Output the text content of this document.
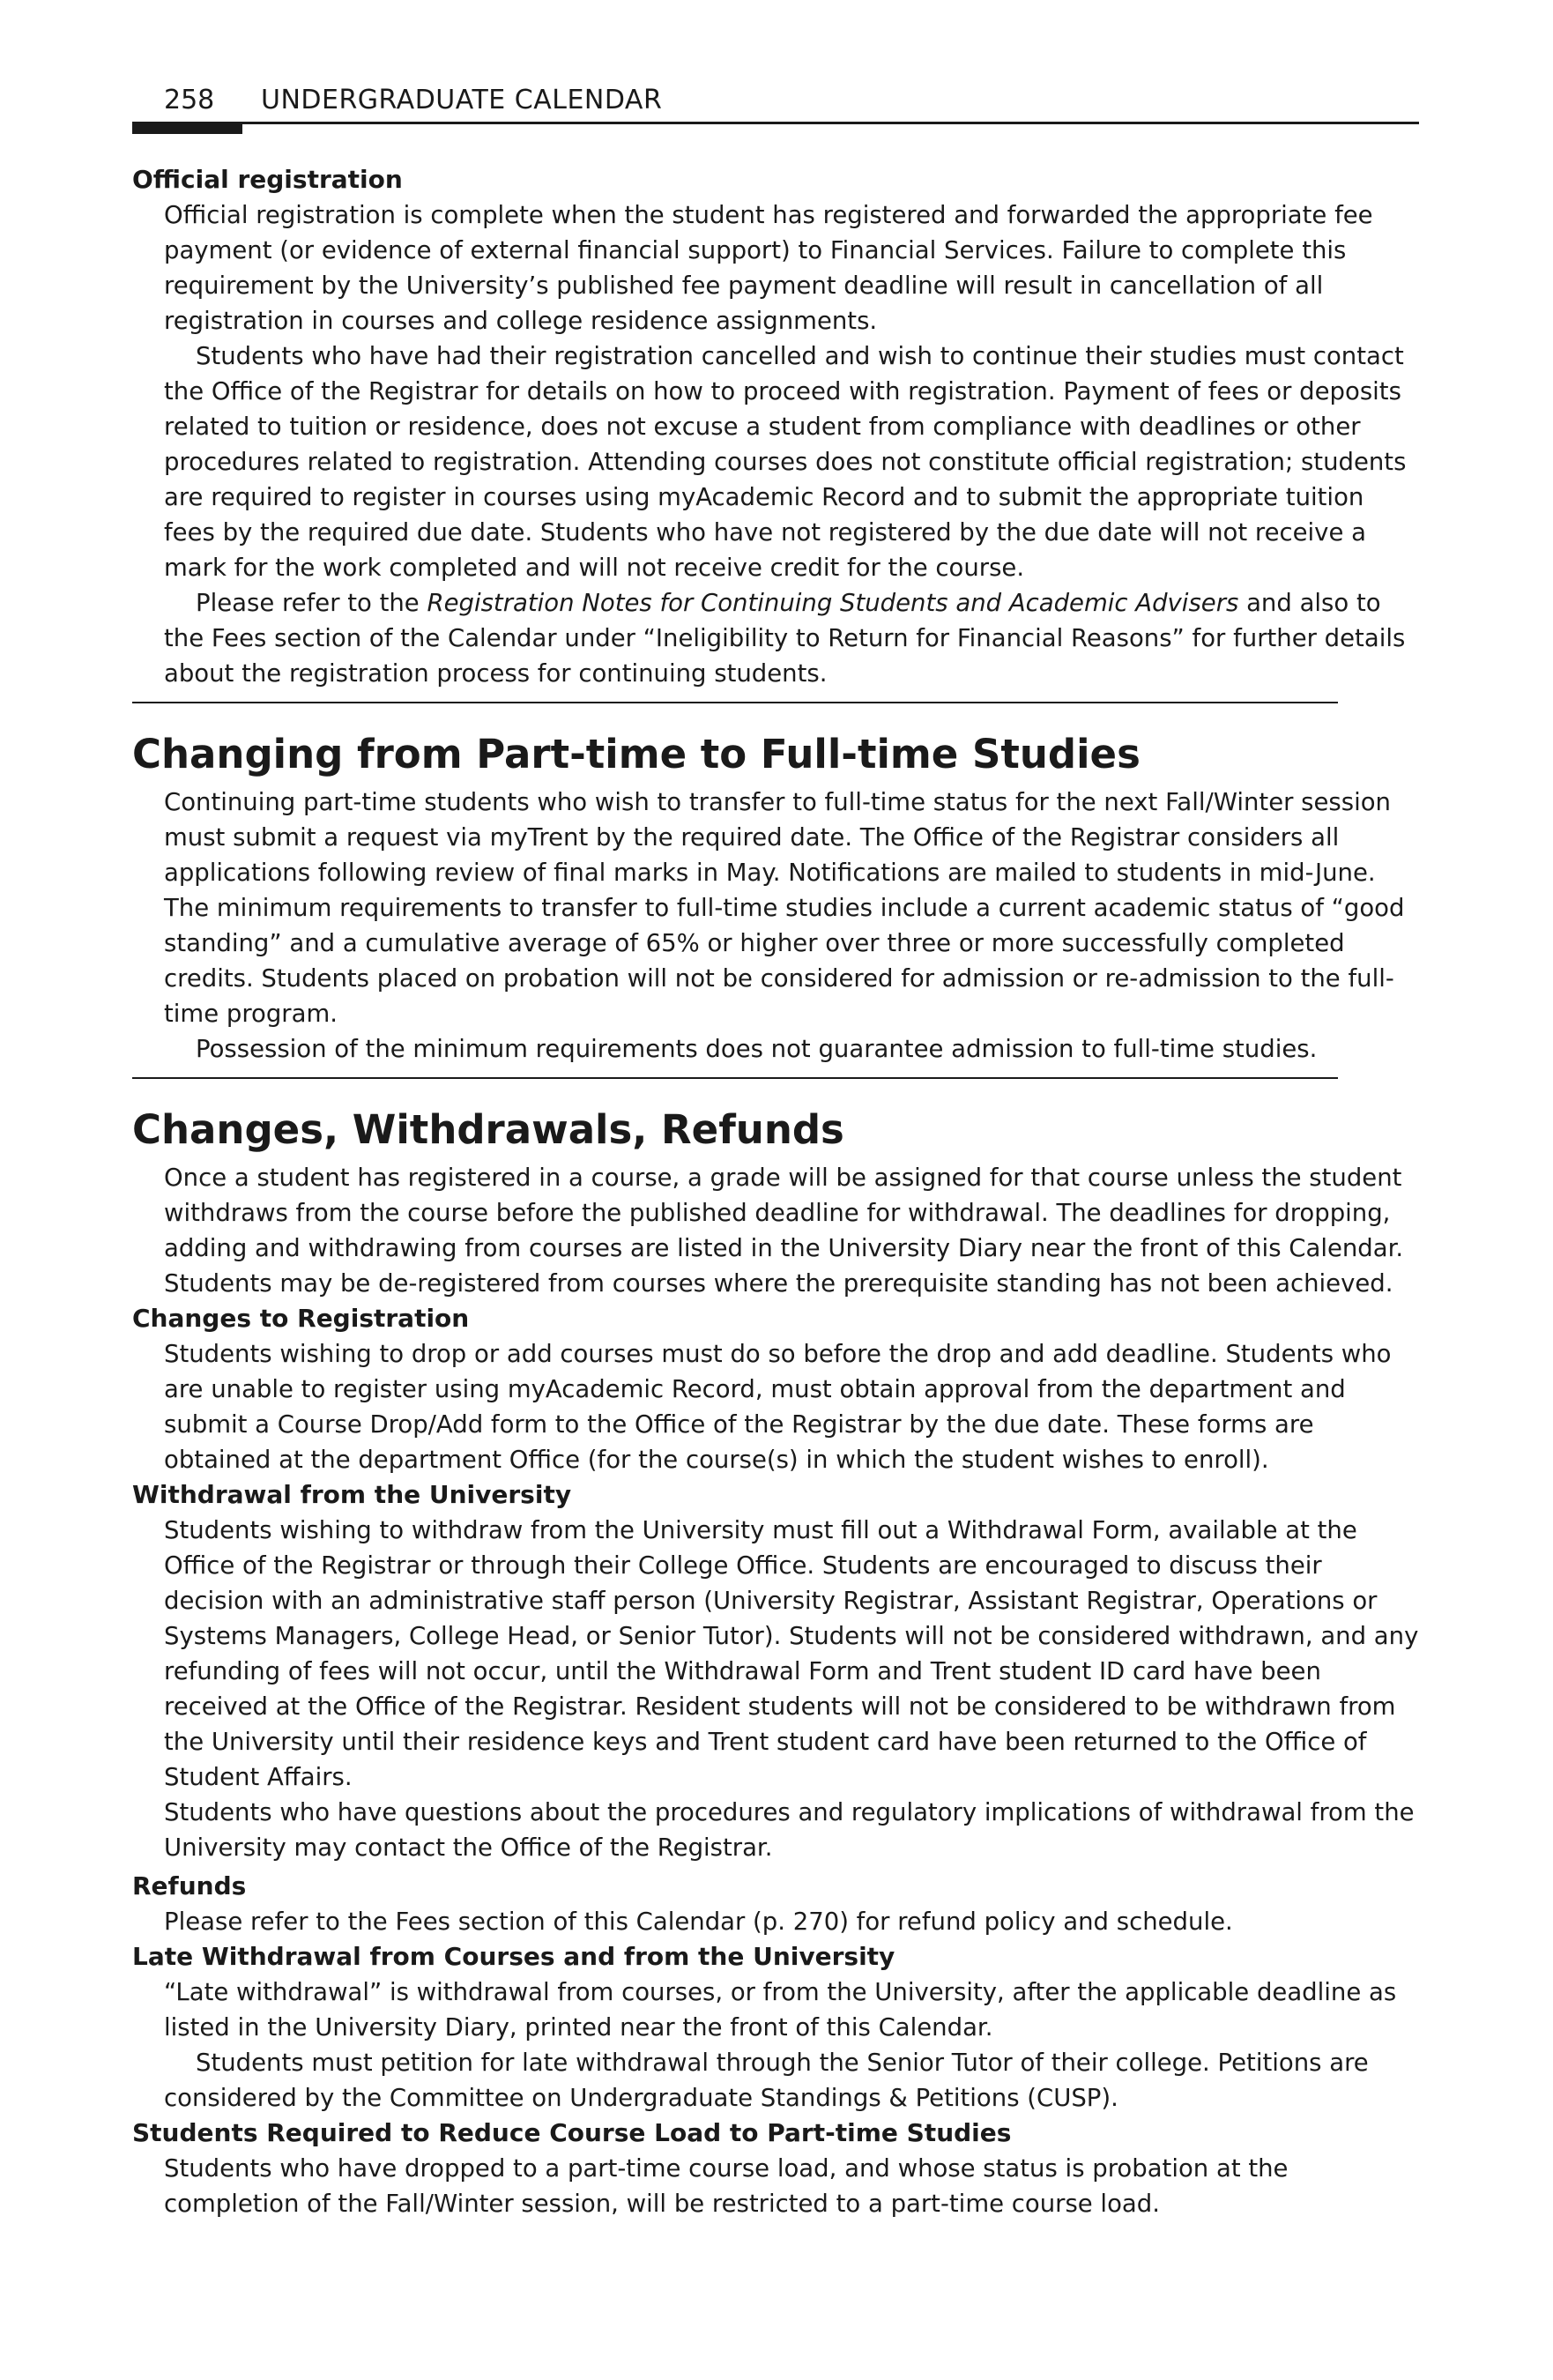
258 UNDERGRADUATE CALENDAR

Official registration

Official registration is complete when the student has registered and forwarded the appropriate fee payment (or evidence of external financial support) to Financial Services. Failure to complete this requirement by the University’s published fee payment deadline will result in cancellation of all registration in courses and college residence assignments.

Students who have had their registration cancelled and wish to continue their studies must contact the Office of the Registrar for details on how to proceed with registration. Payment of fees or deposits related to tuition or residence, does not excuse a student from compliance with deadlines or other procedures related to registration. Attending courses does not constitute official registration; students are required to register in courses using myAcademic Record and to submit the appropriate tuition fees by the required due date. Students who have not registered by the due date will not receive a mark for the work completed and will not receive credit for the course.

Please refer to the Registration Notes for Continuing Students and Academic Advisers and also to the Fees section of the Calendar under “Ineligibility to Return for Financial Reasons” for further details about the registration process for continuing students.

Changing from Part-time to Full-time Studies

Continuing part-time students who wish to transfer to full-time status for the next Fall/Winter session must submit a request via myTrent by the required date. The Office of the Registrar considers all applications following review of final marks in May. Notifications are mailed to students in mid-June. The minimum requirements to transfer to full-time studies include a current academic status of “good standing” and a cumulative average of 65% or higher over three or more successfully completed credits. Students placed on probation will not be considered for admission or re-admission to the full-time program.

Possession of the minimum requirements does not guarantee admission to full-time studies.

Changes, Withdrawals, Refunds

Once a student has registered in a course, a grade will be assigned for that course unless the student withdraws from the course before the published deadline for withdrawal. The deadlines for dropping, adding and withdrawing from courses are listed in the University Diary near the front of this Calendar. Students may be de-registered from courses where the prerequisite standing has not been achieved.

Changes to Registration

Students wishing to drop or add courses must do so before the drop and add deadline. Students who are unable to register using myAcademic Record, must obtain approval from the department and submit a Course Drop/Add form to the Office of the Registrar by the due date. These forms are obtained at the department Office (for the course(s) in which the student wishes to enroll).

Withdrawal from the University

Students wishing to withdraw from the University must fill out a Withdrawal Form, available at the Office of the Registrar or through their College Office. Students are encouraged to discuss their decision with an administrative staff person (University Registrar, Assistant Registrar, Operations or Systems Managers, College Head, or Senior Tutor). Students will not be considered withdrawn, and any refunding of fees will not occur, until the Withdrawal Form and Trent student ID card have been received at the Office of the Registrar. Resident students will not be considered to be withdrawn from the University until their residence keys and Trent student card have been returned to the Office of Student Affairs.

Students who have questions about the procedures and regulatory implications of withdrawal from the University may contact the Office of the Registrar.

Refunds

Please refer to the Fees section of this Calendar (p. 270) for refund policy and schedule.

Late Withdrawal from Courses and from the University

“Late withdrawal” is withdrawal from courses, or from the University, after the applicable deadline as listed in the University Diary, printed near the front of this Calendar.

Students must petition for late withdrawal through the Senior Tutor of their college. Petitions are considered by the Committee on Undergraduate Standings & Petitions (CUSP).

Students Required to Reduce Course Load to Part-time Studies

Students who have dropped to a part-time course load, and whose status is probation at the completion of the Fall/Winter session, will be restricted to a part-time course load.
